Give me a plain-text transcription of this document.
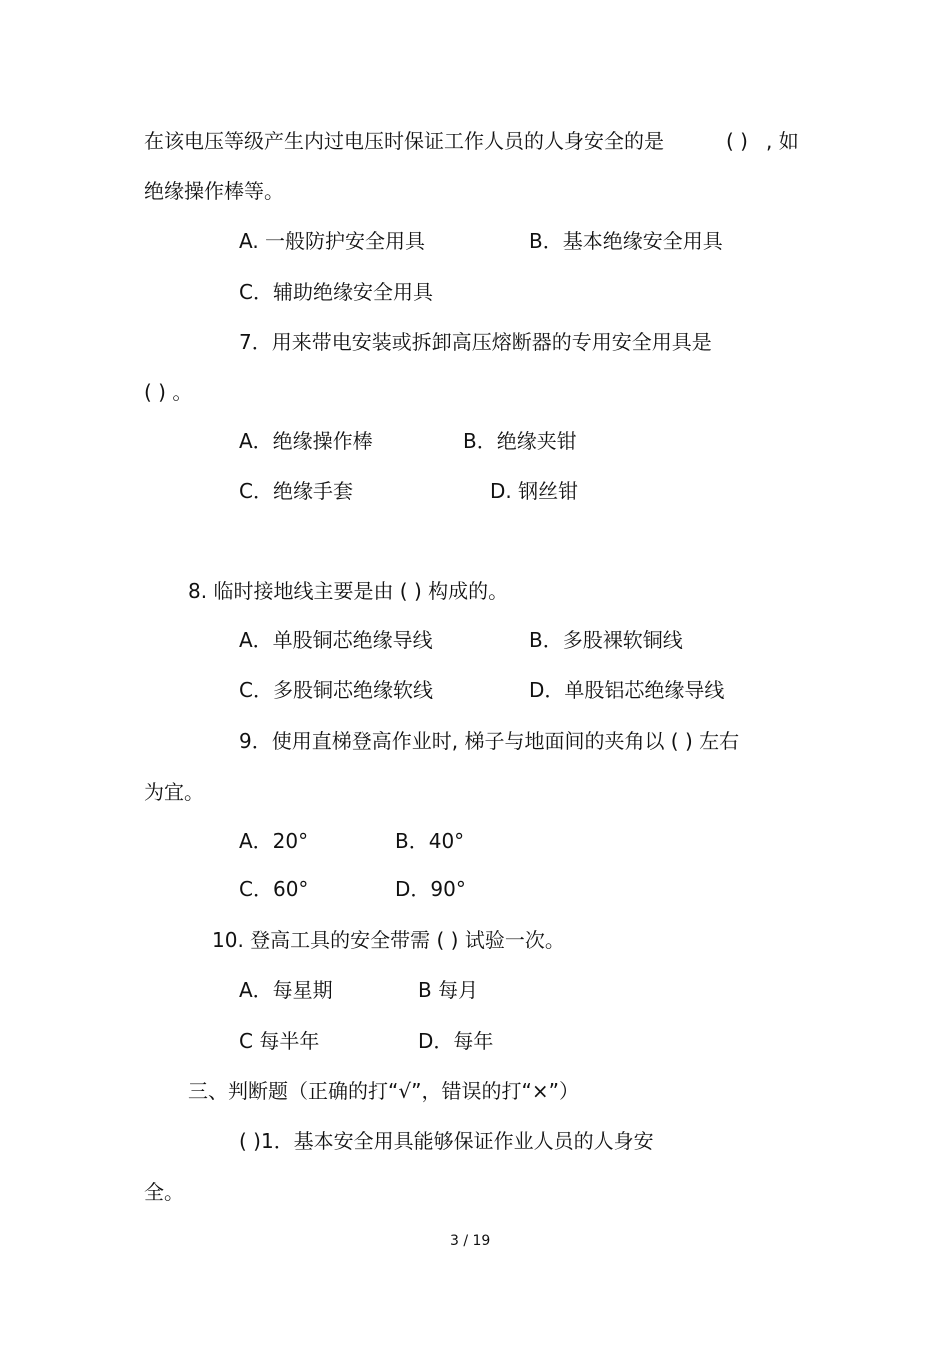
在该电压等级产生内过电压时保证工作人员的人身安全的是	( ) , 如
绝缘操作棒等。
A. 一般防护安全用具	B．基本绝缘安全用具
C．辅助绝缘安全用具
7．用来带电安装或拆卸高压熔断器的专用安全用具是
( ) 。
A．绝缘操作棒	B．绝缘夹钳
C．绝缘手套	D. 钢丝钳
8. 临时接地线主要是由 ( ) 构成的。
A．单股铜芯绝缘导线	B．多股裸软铜线
C．多股铜芯绝缘软线	D．单股铝芯绝缘导线
9．使用直梯登高作业时, 梯子与地面间的夹角以 ( ) 左右
为宜。
A．20°	B．40°
C．60°	D．90°
10. 登高工具的安全带需 ( ) 试验一次。
A．每星期	B 每月
C 每半年	D．每年
三、判断题（正确的打“√”，错误的打“×”）
( )1．基本安全用具能够保证作业人员的人身安
全。
3 / 19
